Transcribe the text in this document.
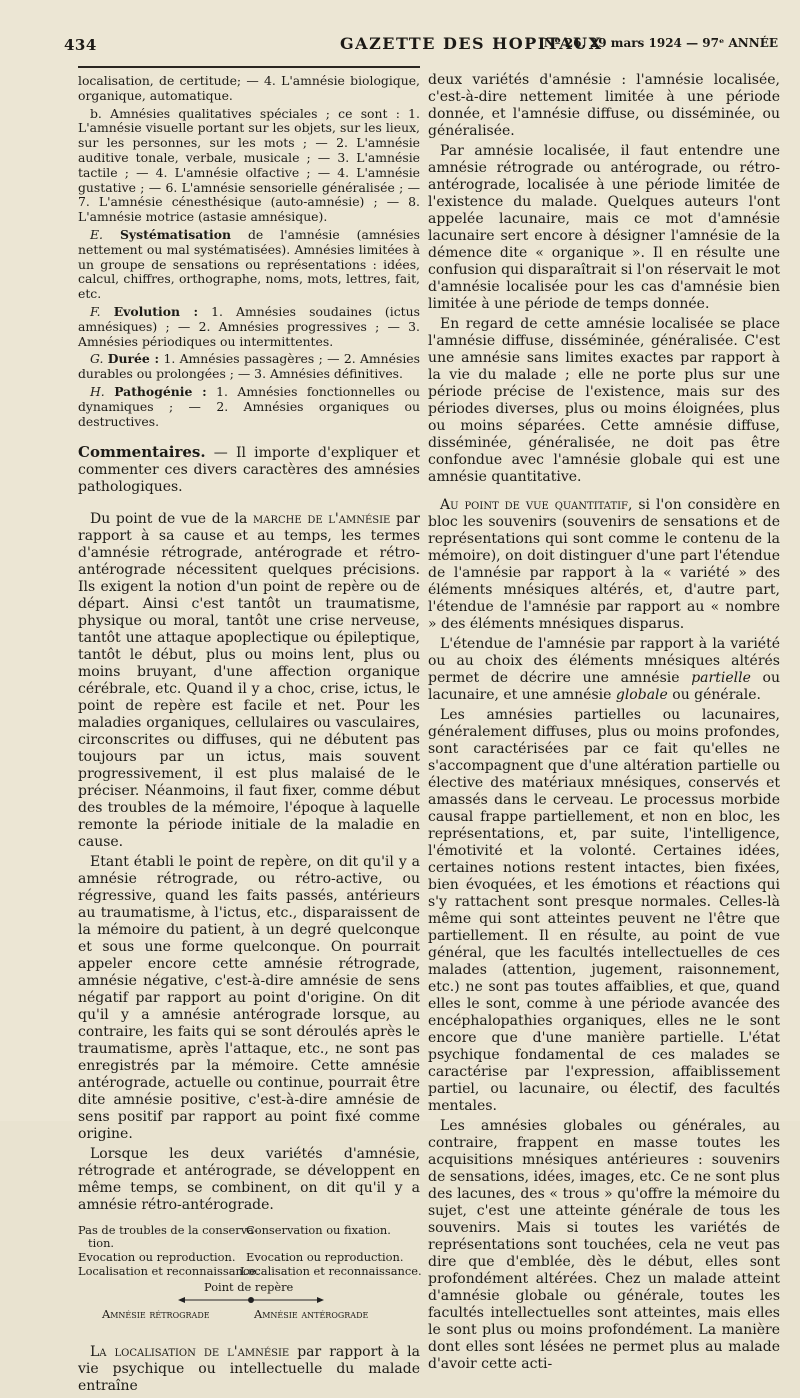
434	GAZETTE DES HOPITAUX
Nº 26, 29 mars 1924 — 97ᵉ ANNÉE

localisation, de certitude; — 4. L'amnésie biologique, organique, automatique.

b. Amnésies qualitatives spéciales ; ce sont : 1. L'amnésie visuelle portant sur les objets, sur les lieux, sur les personnes, sur les mots ; — 2. L'amnésie auditive tonale, verbale, musicale ; — 3. L'amnésie tactile ; — 4. L'amnésie olfactive ; — 4. L'amnésie gustative ; — 6. L'amnésie sensorielle généralisée ; — 7. L'amnésie cénesthésique (auto-amnésie) ; — 8. L'amnésie motrice (astasie amnésique).

E. Systématisation de l'amnésie (amnésies nettement ou mal systématisées). Amnésies limitées à un groupe de sensations ou représentations : idées, calcul, chiffres, orthographe, noms, mots, lettres, fait, etc.

F. Evolution : 1. Amnésies soudaines (ictus amnésiques) ; — 2. Amnésies progressives ; — 3. Amnésies périodiques ou intermittentes.

G. Durée : 1. Amnésies passagères ; — 2. Amnésies durables ou prolongées ; — 3. Amnésies définitives.

H. Pathogénie : 1. Amnésies fonctionnelles ou dynamiques ; — 2. Amnésies organiques ou destructives.

Commentaires. — Il importe d'expliquer et commenter ces divers caractères des amnésies pathologiques.

Du point de vue de la marche de l'amnésie par rapport à sa cause et au temps, les termes d'amnésie rétrograde, antérograde et rétro-antérograde nécessitent quelques précisions. Ils exigent la notion d'un point de repère ou de départ. Ainsi c'est tantôt un traumatisme, physique ou moral, tantôt une crise nerveuse, tantôt une attaque apoplectique ou épileptique, tantôt le début, plus ou moins lent, plus ou moins bruyant, d'une affection organique cérébrale, etc. Quand il y a choc, crise, ictus, le point de repère est facile et net. Pour les maladies organiques, cellulaires ou vasculaires, circonscrites ou diffuses, qui ne débutent pas toujours par un ictus, mais souvent progressivement, il est plus malaisé de le préciser. Néanmoins, il faut fixer, comme début des troubles de la mémoire, l'époque à laquelle remonte la période initiale de la maladie en cause.

Etant établi le point de repère, on dit qu'il y a amnésie rétrograde, ou rétro-active, ou régressive, quand les faits passés, antérieurs au traumatisme, à l'ictus, etc., disparaissent de la mémoire du patient, à un degré quelconque et sous une forme quelconque. On pourrait appeler encore cette amnésie rétrograde, amnésie négative, c'est-à-dire amnésie de sens négatif par rapport au point d'origine. On dit qu'il y a amnésie antérograde lorsque, au contraire, les faits qui se sont déroulés après le traumatisme, après l'attaque, etc., ne sont pas enregistrés par la mémoire. Cette amnésie antérograde, actuelle ou continue, pourrait être dite amnésie positive, c'est-à-dire amnésie de sens positif par rapport au point fixé comme origine.

Lorsque les deux variétés d'amnésie, rétrograde et antérograde, se développent en même temps, se combinent, on dit qu'il y a amnésie rétro-antérograde.

Pas de troubles de la conserva-
tion.
Conservation ou fixation.
Evocation ou reproduction. Evocation ou reproduction.
Localisation et reconnaissance.
Localisation et reconnaissance.
Point de repère
Amnésie rétrograde	Amnésie antérograde

La localisation de l'amnésie par rapport à la vie psychique ou intellectuelle du malade entraîne

deux variétés d'amnésie : l'amnésie localisée, c'est-à-dire nettement limitée à une période donnée, et l'amnésie diffuse, ou disséminée, ou généralisée.

Par amnésie localisée, il faut entendre une amnésie rétrograde ou antérograde, ou rétro-antérograde, localisée à une période limitée de l'existence du malade. Quelques auteurs l'ont appelée lacunaire, mais ce mot d'amnésie lacunaire sert encore à désigner l'amnésie de la démence dite « organique ». Il en résulte une confusion qui disparaîtrait si l'on réservait le mot d'amnésie localisée pour les cas d'amnésie bien limitée à une période de temps donnée.

En regard de cette amnésie localisée se place l'amnésie diffuse, disséminée, généralisée. C'est une amnésie sans limites exactes par rapport à la vie du malade ; elle ne porte plus sur une période précise de l'existence, mais sur des périodes diverses, plus ou moins éloignées, plus ou moins séparées. Cette amnésie diffuse, disséminée, généralisée, ne doit pas être confondue avec l'amnésie globale qui est une amnésie quantitative.

Au point de vue quantitatif, si l'on considère en bloc les souvenirs (souvenirs de sensations et de représentations qui sont comme le contenu de la mémoire), on doit distinguer d'une part l'étendue de l'amnésie par rapport à la « variété » des éléments mnésiques altérés, et, d'autre part, l'étendue de l'amnésie par rapport au « nombre » des éléments mnésiques disparus.

L'étendue de l'amnésie par rapport à la variété ou au choix des éléments mnésiques altérés permet de décrire une amnésie partielle ou lacunaire, et une amnésie globale ou générale.

Les amnésies partielles ou lacunaires, généralement diffuses, plus ou moins profondes, sont caractérisées par ce fait qu'elles ne s'accompagnent que d'une altération partielle ou élective des matériaux mnésiques, conservés et amassés dans le cerveau. Le processus morbide causal frappe partiellement, et non en bloc, les représentations, et, par suite, l'intelligence, l'émotivité et la volonté. Certaines idées, certaines notions restent intactes, bien fixées, bien évoquées, et les émotions et réactions qui s'y rattachent sont presque normales. Celles-là même qui sont atteintes peuvent ne l'être que partiellement. Il en résulte, au point de vue général, que les facultés intellectuelles de ces malades (attention, jugement, raisonnement, etc.) ne sont pas toutes affaiblies, et que, quand elles le sont, comme à une période avancée des encéphalopathies organiques, elles ne le sont encore que d'une manière partielle. L'état psychique fondamental de ces malades se caractérise par l'expression, affaiblissement partiel, ou lacunaire, ou électif, des facultés mentales.

Les amnésies globales ou générales, au contraire, frappent en masse toutes les acquisitions mnésiques antérieures : souvenirs de sensations, idées, images, etc. Ce ne sont plus des lacunes, des « trous » qu'offre la mémoire du sujet, c'est une atteinte générale de tous les souvenirs. Mais si toutes les variétés de représentations sont touchées, cela ne veut pas dire que d'emblée, dès le début, elles sont profondément altérées. Chez un malade atteint d'amnésie globale ou générale, toutes les facultés intellectuelles sont atteintes, mais elles le sont plus ou moins profondément. La manière dont elles sont lésées ne permet plus au malade d'avoir cette acti-
